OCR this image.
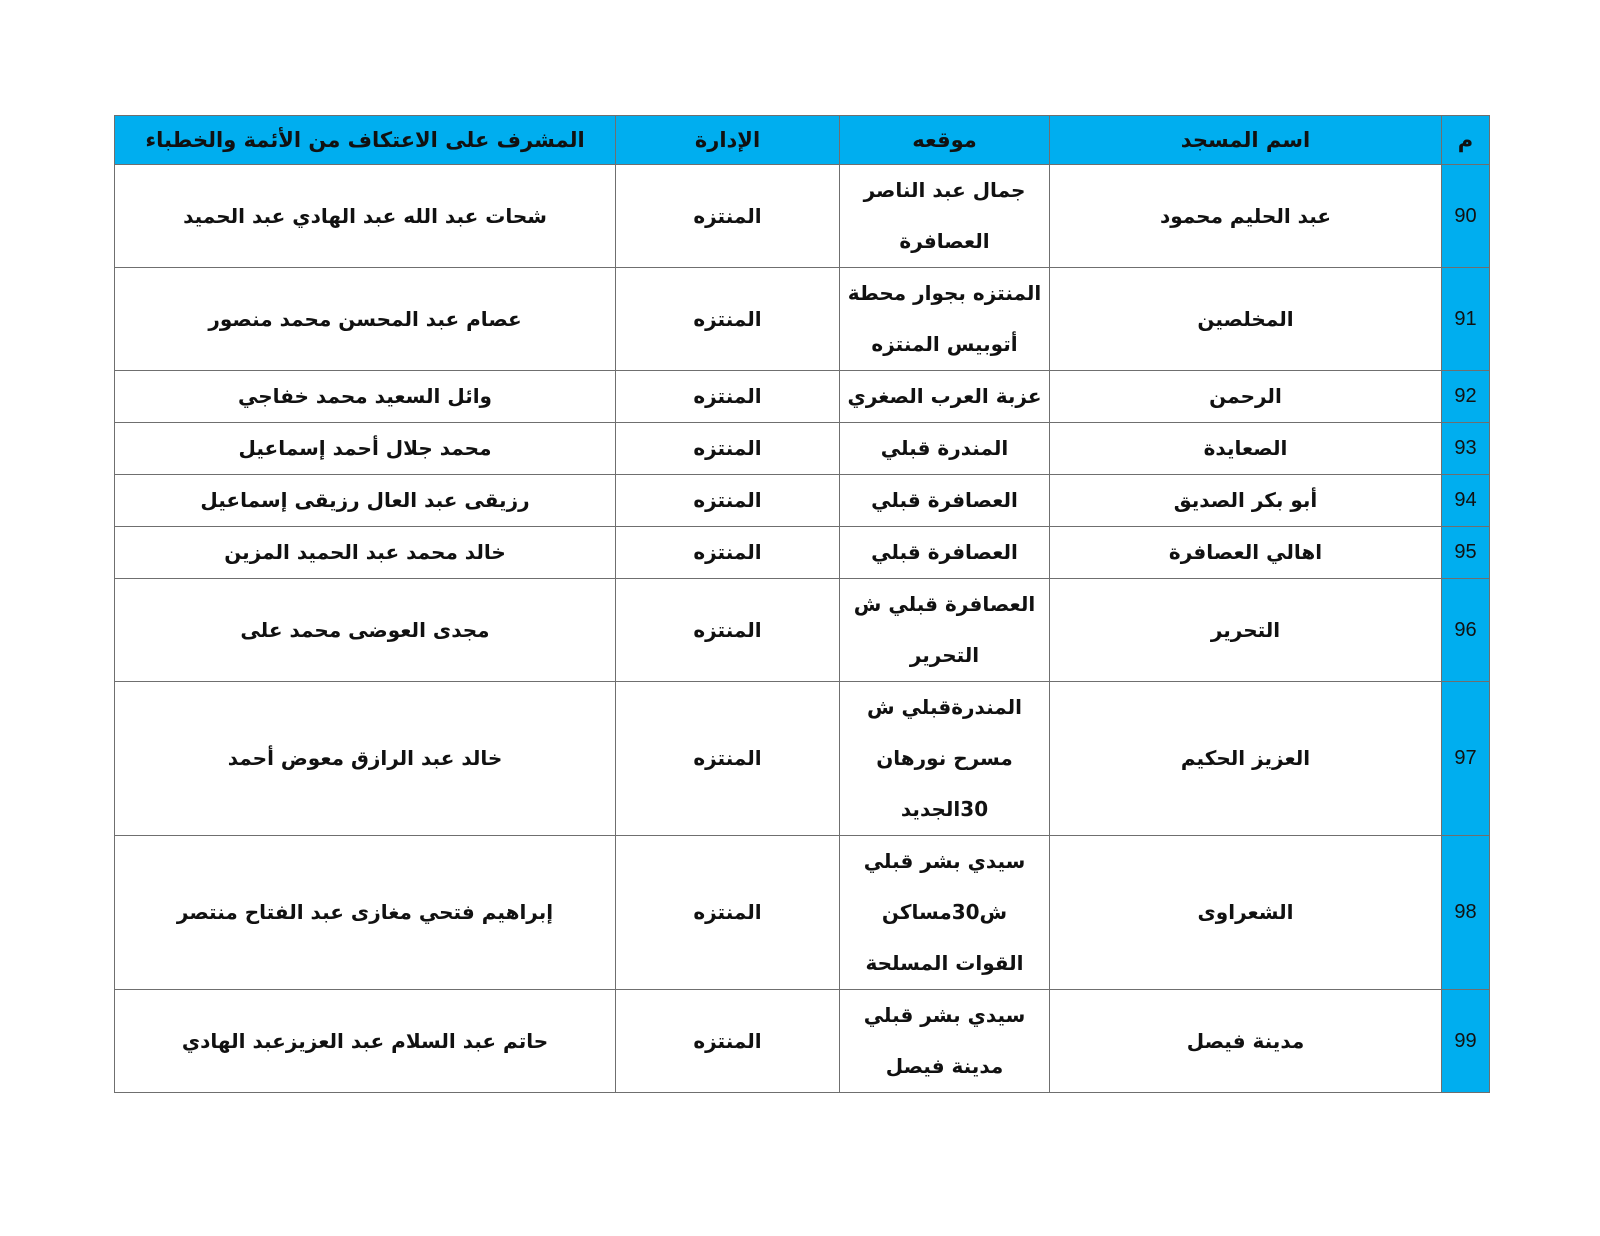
م	اسم المسجد	موقعه	الإدارة	المشرف على الاعتكاف من الأئمة والخطباء
90	عبد الحليم محمود	جمال عبد الناصر العصافرة	المنتزه	شحات عبد الله عبد الهادي عبد الحميد
91	المخلصين	المنتزه بجوار محطة أتوبيس المنتزه	المنتزه	عصام عبد المحسن محمد منصور
92	الرحمن	عزبة العرب الصغري	المنتزه	وائل السعيد محمد خفاجي
93	الصعايدة	المندرة قبلي	المنتزه	محمد جلال أحمد إسماعيل
94	أبو بكر الصديق	العصافرة قبلي	المنتزه	رزيقى عبد العال رزيقى إسماعيل
95	اهالي العصافرة	العصافرة قبلي	المنتزه	خالد محمد عبد الحميد المزين
96	التحرير	العصافرة قبلي ش التحرير	المنتزه	مجدى العوضى محمد على
97	العزيز الحكيم	المندرةقبلي ش مسرح نورهان 30الجديد	المنتزه	خالد عبد الرازق معوض أحمد
98	الشعراوى	سيدي بشر قبلي ش30مساكن القوات المسلحة	المنتزه	إبراهيم فتحي مغازى عبد الفتاح منتصر
99	مدينة فيصل	سيدي بشر قبلي مدينة فيصل	المنتزه	حاتم عبد السلام عبد العزيزعبد الهادي
